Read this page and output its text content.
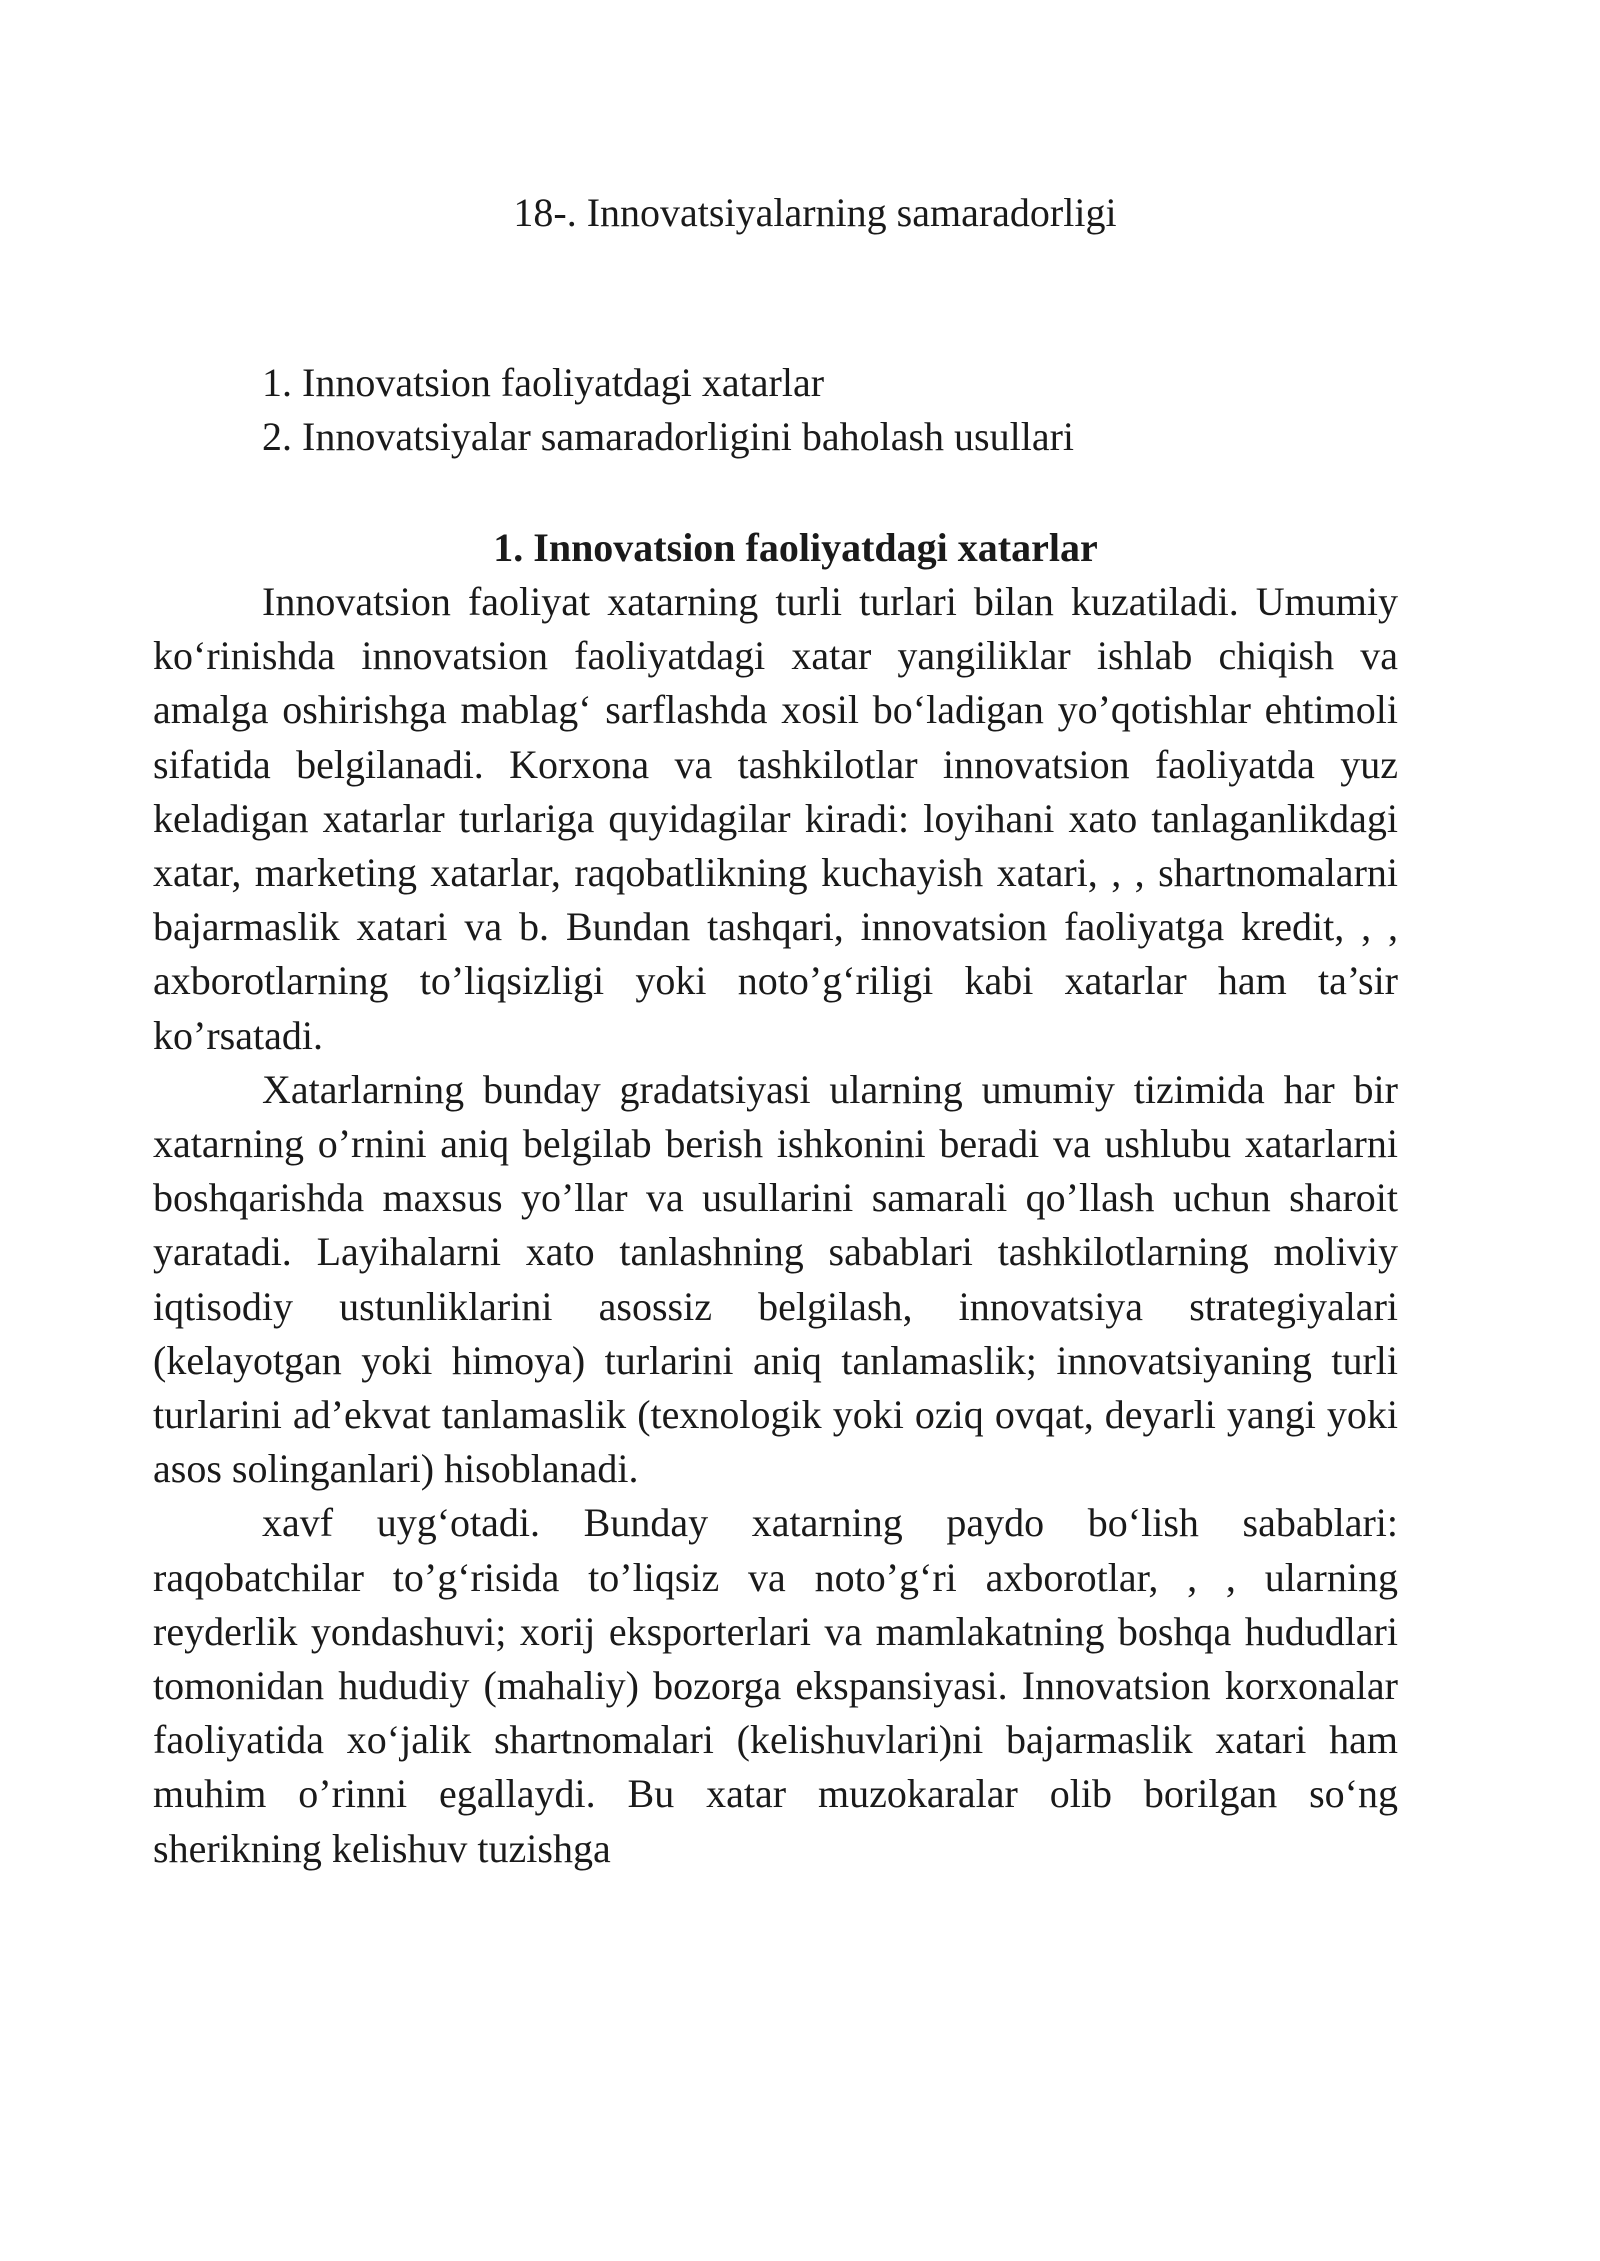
18-. Innovatsiyalarning samaradorligi
1. Innovatsion faoliyatdagi xatarlar
2. Innovatsiyalar samaradorligini baholash usullari
1. Innovatsion faoliyatdagi xatarlar

Innovatsion faoliyat xatarning turli turlari bilan kuzatiladi. Umumiy ko‘rinishda innovatsion faoliyatdagi xatar yangiliklar ishlab chiqish va amalga oshirishga mablag‘ sarflashda xosil bo‘ladigan yo’qotishlar ehtimoli sifatida belgilanadi. Korxona va tashkilotlar innovatsion faoliyatda yuz keladigan xatarlar turlariga quyidagilar kiradi: loyihani xato tanlaganlikdagi xatar, marketing xatarlar, raqobatlikning kuchayish xatari, , , shartnomalarni bajarmaslik xatari va b. Bundan tashqari, innovatsion faoliyatga kredit, , , axborotlarning to’liqsizligi yoki noto’g‘riligi kabi xatarlar ham ta’sir ko’rsatadi.

Xatarlarning bunday gradatsiyasi ularning umumiy tizimida har bir xatarning o’rnini aniq belgilab berish ishkonini beradi va ushlubu xatarlarni boshqarishda maxsus yo’llar va usullarini samarali qo’llash uchun sharoit yaratadi. Layihalarni xato tanlashning sabablari tashkilotlarning moliviy iqtisodiy ustunliklarini asossiz belgilash, innovatsiya strategiyalari (kelayotgan yoki himoya) turlarini aniq tanlamaslik; innovatsiyaning turli turlarini ad’ekvat tanlamaslik (texnologik yoki oziq ovqat, deyarli yangi yoki asos solinganlari) hisoblanadi.

xavf uyg‘otadi. Bunday xatarning paydo bo‘lish sabablari: raqobatchilar to’g‘risida to’liqsiz va noto’g‘ri axborotlar, , , ularning reyderlik yondashuvi; xorij eksporterlari va mamlakatning boshqa hududlari tomonidan hududiy (mahaliy) bozorga ekspansiyasi. Innovatsion korxonalar faoliyatida xo‘jalik shartnomalari (kelishuvlari)ni bajarmaslik xatari ham muhim o’rinni egallaydi. Bu xatar muzokaralar olib borilgan so‘ng sherikning kelishuv tuzishga
